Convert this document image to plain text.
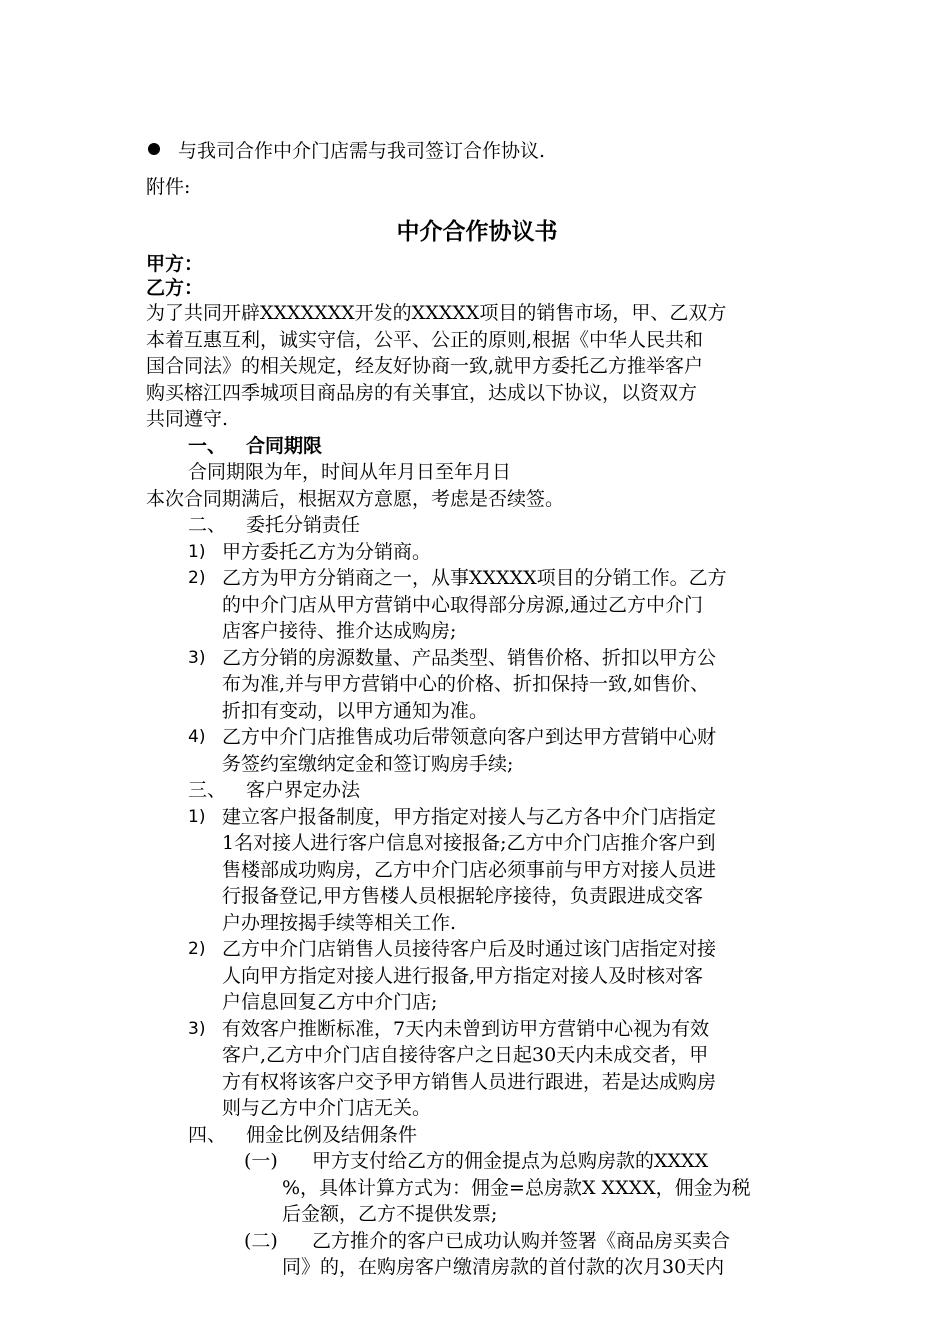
与我司合作中介门店需与我司签订合作协议.
附件:
中介合作协议书
甲方：
乙方：
为了共同开辟XXXXXXX开发的XXXXX项目的销售市场，甲、乙双方
本着互惠互利，诚实守信，公平、公正的原则,根据《中华人民共和
国合同法》的相关规定，经友好协商一致,就甲方委托乙方推举客户
购买榕江四季城项目商品房的有关事宜，达成以下协议，以资双方
共同遵守.
一、 合同期限
合同期限为年，时间从年月日至年月日
本次合同期满后，根据双方意愿，考虑是否续签。
二、 委托分销责任
1) 甲方委托乙方为分销商。
2) 乙方为甲方分销商之一，从事XXXXX项目的分销工作。乙方
的中介门店从甲方营销中心取得部分房源,通过乙方中介门
店客户接待、推介达成购房;
3) 乙方分销的房源数量、产品类型、销售价格、折扣以甲方公
布为准,并与甲方营销中心的价格、折扣保持一致,如售价、
折扣有变动，以甲方通知为准。
4) 乙方中介门店推售成功后带领意向客户到达甲方营销中心财
务签约室缴纳定金和签订购房手续;
三、 客户界定办法
1) 建立客户报备制度，甲方指定对接人与乙方各中介门店指定
1名对接人进行客户信息对接报备;乙方中介门店推介客户到
售楼部成功购房，乙方中介门店必须事前与甲方对接人员进
行报备登记,甲方售楼人员根据轮序接待，负责跟进成交客
户办理按揭手续等相关工作.
2) 乙方中介门店销售人员接待客户后及时通过该门店指定对接
人向甲方指定对接人进行报备,甲方指定对接人及时核对客
户信息回复乙方中介门店;
3) 有效客户推断标准，7天内未曾到访甲方营销中心视为有效
客户,乙方中介门店自接待客户之日起30天内未成交者，甲
方有权将该客户交予甲方销售人员进行跟进，若是达成购房
则与乙方中介门店无关。
四、 佣金比例及结佣条件
(一)	甲方支付给乙方的佣金提点为总购房款的XXXX
%，具体计算方式为：佣金=总房款X XXXX，佣金为税
后金额，乙方不提供发票;
(二)	乙方推介的客户已成功认购并签署《商品房买卖合
同》的，在购房客户缴清房款的首付款的次月30天内
